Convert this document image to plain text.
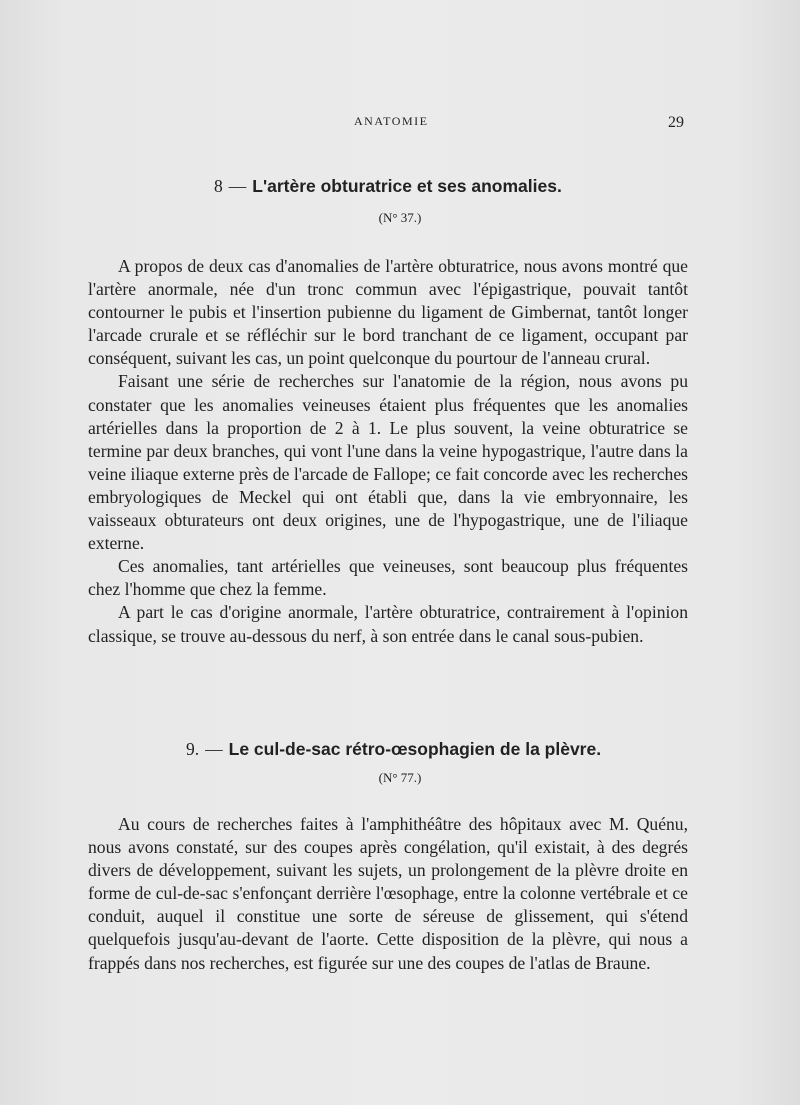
ANATOMIE	29
8 — L'artère obturatrice et ses anomalies.
(N° 37.)

A propos de deux cas d'anomalies de l'artère obturatrice, nous avons montré que l'artère anormale, née d'un tronc commun avec l'épigastrique, pouvait tantôt contourner le pubis et l'insertion pubienne du ligament de Gimbernat, tantôt longer l'arcade crurale et se réfléchir sur le bord tranchant de ce ligament, occupant par conséquent, suivant les cas, un point quelconque du pourtour de l'anneau crural.

Faisant une série de recherches sur l'anatomie de la région, nous avons pu constater que les anomalies veineuses étaient plus fréquentes que les anomalies artérielles dans la proportion de 2 à 1. Le plus souvent, la veine obturatrice se termine par deux branches, qui vont l'une dans la veine hypogastrique, l'autre dans la veine iliaque externe près de l'arcade de Fallope; ce fait concorde avec les recherches embryologiques de Meckel qui ont établi que, dans la vie embryonnaire, les vaisseaux obturateurs ont deux origines, une de l'hypogastrique, une de l'iliaque externe.

Ces anomalies, tant artérielles que veineuses, sont beaucoup plus fréquentes chez l'homme que chez la femme.

A part le cas d'origine anormale, l'artère obturatrice, contrairement à l'opinion classique, se trouve au-dessous du nerf, à son entrée dans le canal sous-pubien.

9. — Le cul-de-sac rétro-œsophagien de la plèvre.
(N° 77.)

Au cours de recherches faites à l'amphithéâtre des hôpitaux avec M. Quénu, nous avons constaté, sur des coupes après congélation, qu'il existait, à des degrés divers de développement, suivant les sujets, un prolongement de la plèvre droite en forme de cul-de-sac s'enfonçant derrière l'œsophage, entre la colonne vertébrale et ce conduit, auquel il constitue une sorte de séreuse de glissement, qui s'étend quelquefois jusqu'au-devant de l'aorte. Cette disposition de la plèvre, qui nous a frappés dans nos recherches, est figurée sur une des coupes de l'atlas de Braune.
